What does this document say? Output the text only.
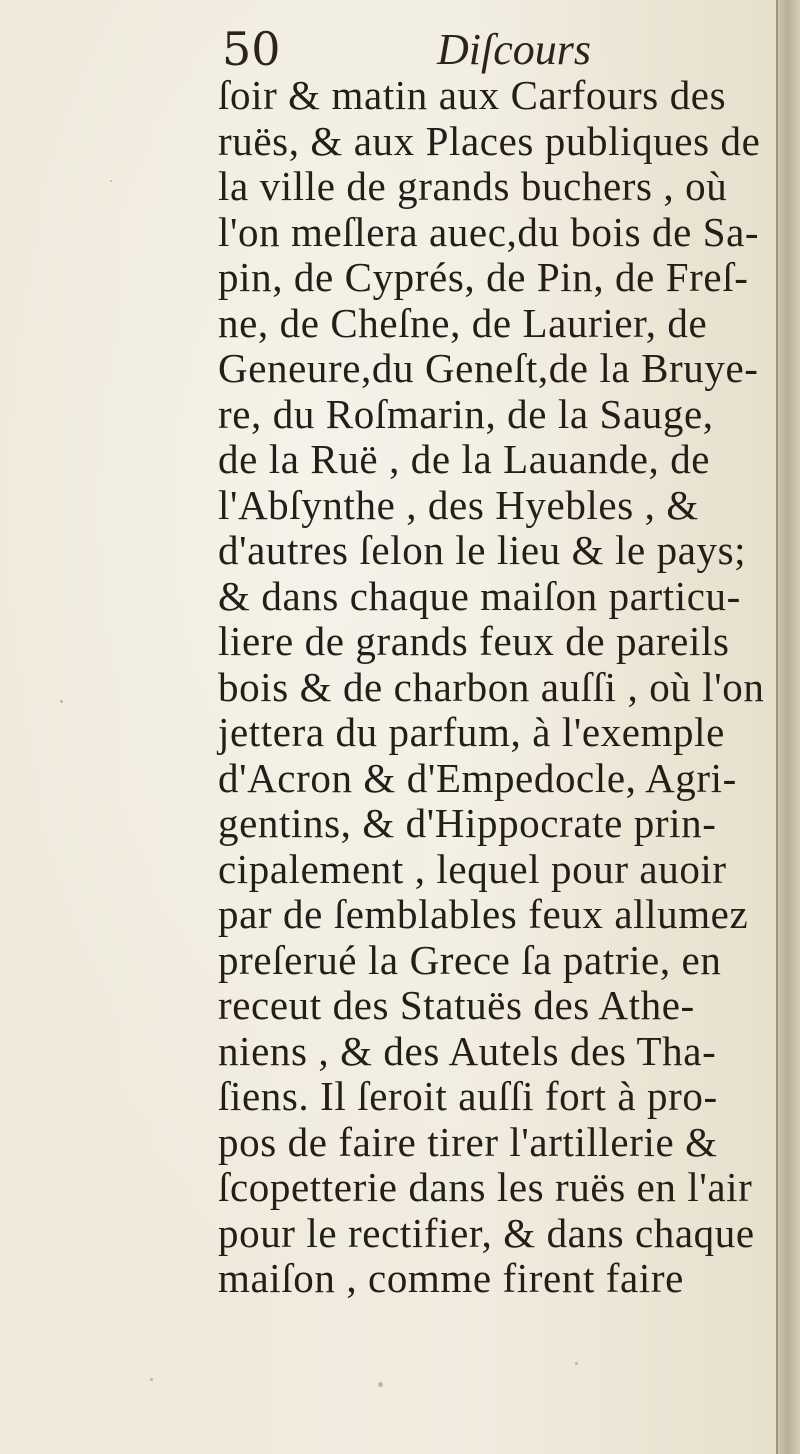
50	Diſcours
ſoir & matin aux Carfours des
ruës, & aux Places publiques de
la ville de grands buchers , où
l'on meſlera auec,du bois de Sa-
pin, de Cyprés, de Pin, de Freſ-
ne, de Cheſne, de Laurier, de
Geneure,du Geneſt,de la Bruye-
re, du Roſmarin, de la Sauge,
de la Ruë , de la Lauande, de
l'Abſynthe , des Hyebles , &
d'autres ſelon le lieu & le pays;
& dans chaque maiſon particu-
liere de grands feux de pareils
bois & de charbon auſſi , où l'on
jettera du parfum, à l'exemple
d'Acron & d'Empedocle, Agri-
gentins, & d'Hippocrate prin-
cipalement , lequel pour auoir
par de ſemblables feux allumez
preſerué la Grece ſa patrie, en
receut des Statuës des Athe-
niens , & des Autels des Tha-
ſiens. Il ſeroit auſſi fort à pro-
pos de faire tirer l'artillerie &
ſcopetterie dans les ruës en l'air
pour le rectifier, & dans chaque
maiſon , comme firent faire
